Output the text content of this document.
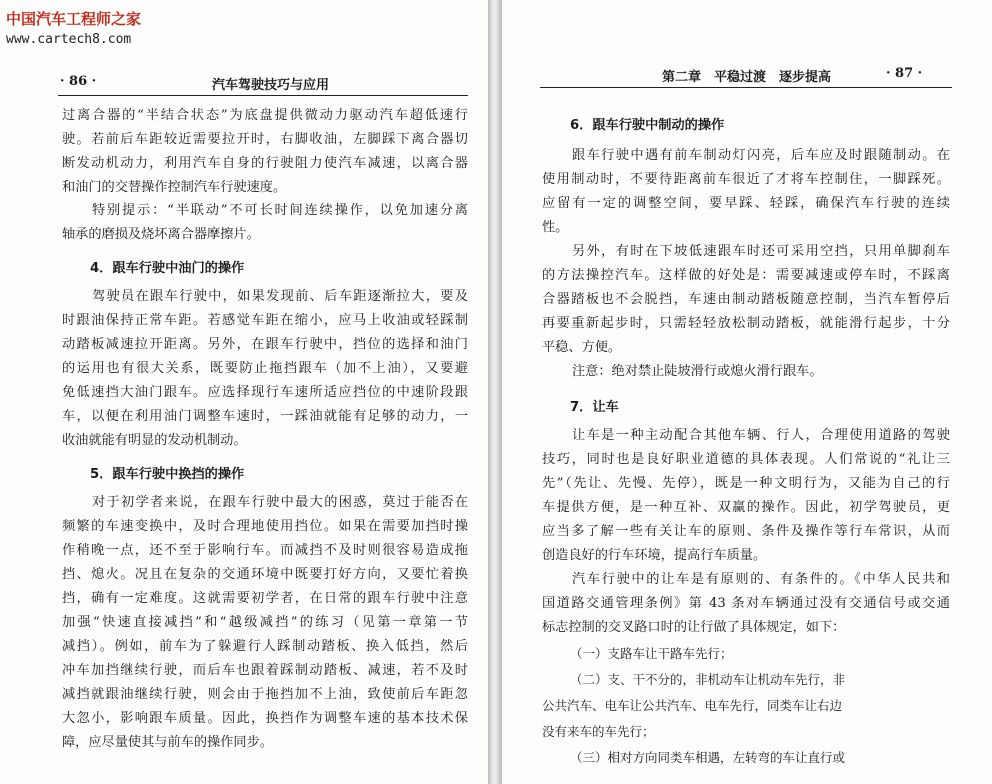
中国汽车工程师之家
www.cartech8.com
· 86 ·	汽车驾驶技巧与应用
过离合器的“半结合状态”为底盘提供微动力驱动汽车超低速行
驶。若前后车距较近需要拉开时，右脚收油，左脚踩下离合器切
断发动机动力，利用汽车自身的行驶阻力使汽车减速，以离合器
和油门的交替操作控制汽车行驶速度。
特别提示：“半联动”不可长时间连续操作，以免加速分离
轴承的磨损及烧坏离合器摩擦片。
4．跟车行驶中油门的操作
驾驶员在跟车行驶中，如果发现前、后车距逐渐拉大，要及
时跟油保持正常车距。若感觉车距在缩小，应马上收油或轻踩制
动踏板减速拉开距离。另外，在跟车行驶中，挡位的选择和油门
的运用也有很大关系，既要防止拖挡跟车（加不上油），又要避
免低速挡大油门跟车。应选择现行车速所适应挡位的中速阶段跟
车，以便在利用油门调整车速时，一踩油就能有足够的动力，一
收油就能有明显的发动机制动。
5．跟车行驶中换挡的操作
对于初学者来说，在跟车行驶中最大的困惑，莫过于能否在
频繁的车速变换中，及时合理地使用挡位。如果在需要加挡时操
作稍晚一点，还不至于影响行车。而减挡不及时则很容易造成拖
挡、熄火。况且在复杂的交通环境中既要打好方向，又要忙着换
挡，确有一定难度。这就需要初学者，在日常的跟车行驶中注意
加强“快速直接减挡”和“越级减挡”的练习（见第一章第一节
减挡）。例如，前车为了躲避行人踩制动踏板、换入低挡，然后
冲车加挡继续行驶，而后车也跟着踩制动踏板、减速，若不及时
减挡就跟油继续行驶，则会由于拖挡加不上油，致使前后车距忽
大忽小，影响跟车质量。因此，换挡作为调整车速的基本技术保
障，应尽量使其与前车的操作同步。
第二章　平稳过渡　逐步提高	· 87 ·
6．跟车行驶中制动的操作
跟车行驶中遇有前车制动灯闪亮，后车应及时跟随制动。在
使用制动时，不要待距离前车很近了才将车控制住，一脚踩死。
应留有一定的调整空间，要早踩、轻踩，确保汽车行驶的连续
性。
另外，有时在下坡低速跟车时还可采用空挡，只用单脚刹车
的方法操控汽车。这样做的好处是：需要减速或停车时，不踩离
合器踏板也不会脱挡，车速由制动踏板随意控制，当汽车暂停后
再要重新起步时，只需轻轻放松制动踏板，就能滑行起步，十分
平稳、方便。
注意：绝对禁止陡坡滑行或熄火滑行跟车。
7．让车
让车是一种主动配合其他车辆、行人，合理使用道路的驾驶
技巧，同时也是良好职业道德的具体表现。人们常说的“礼让三
先”（先让、先慢、先停），既是一种文明行为，又能为自己的行
车提供方便，是一种互补、双赢的操作。因此，初学驾驶员，更
应当多了解一些有关让车的原则、条件及操作等行车常识，从而
创造良好的行车环境，提高行车质量。
汽车行驶中的让车是有原则的、有条件的。《中华人民共和
国道路交通管理条例》第 43 条对车辆通过没有交通信号或交通
标志控制的交叉路口时的让行做了具体规定，如下：
（一）支路车让干路车先行；
（二）支、干不分的，非机动车让机动车先行，非
公共汽车、电车让公共汽车、电车先行，同类车让右边
没有来车的车先行；
（三）相对方向同类车相遇，左转弯的车让直行或
